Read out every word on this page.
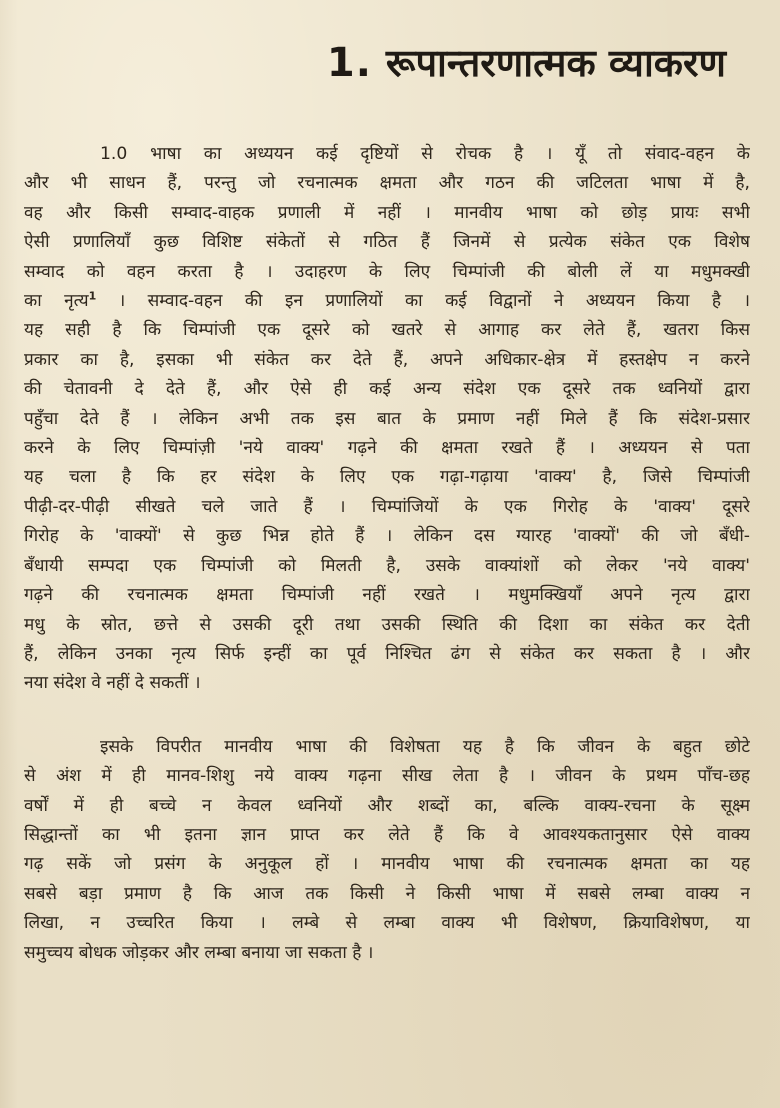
1. रूपान्तरणात्मक व्याकरण

1.0 भाषा का अध्ययन कई दृष्टियों से रोचक है । यूँ तो संवाद-वहन के
और भी साधन हैं, परन्तु जो रचनात्मक क्षमता और गठन की जटिलता भाषा में है,
वह और किसी सम्वाद-वाहक प्रणाली में नहीं । मानवीय भाषा को छोड़ प्रायः सभी
ऐसी प्रणालियाँ कुछ विशिष्ट संकेतों से गठित हैं जिनमें से प्रत्येक संकेत एक विशेष
सम्वाद को वहन करता है । उदाहरण के लिए चिम्पांजी की बोली लें या मधुमक्खी
का नृत्य$^1$ । सम्वाद-वहन की इन प्रणालियों का कई विद्वानों ने अध्ययन किया है ।
यह सही है कि चिम्पांजी एक दूसरे को खतरे से आगाह कर लेते हैं, खतरा किस
प्रकार का है, इसका भी संकेत कर देते हैं, अपने अधिकार-क्षेत्र में हस्तक्षेप न करने
की चेतावनी दे देते हैं, और ऐसे ही कई अन्य संदेश एक दूसरे तक ध्वनियों द्वारा
पहुँचा देते हैं । लेकिन अभी तक इस बात के प्रमाण नहीं मिले हैं कि संदेश-प्रसार
करने के लिए चिम्पांज़ी 'नये वाक्य' गढ़ने की क्षमता रखते हैं । अध्ययन से पता
यह चला है कि हर संदेश के लिए एक गढ़ा-गढ़ाया 'वाक्य' है, जिसे चिम्पांजी
पीढ़ी-दर-पीढ़ी सीखते चले जाते हैं । चिम्पांजियों के एक गिरोह के 'वाक्य' दूसरे
गिरोह के 'वाक्यों' से कुछ भिन्न होते हैं । लेकिन दस ग्यारह 'वाक्यों' की जो बँधी-
बँधायी सम्पदा एक चिम्पांजी को मिलती है, उसके वाक्यांशों को लेकर 'नये वाक्य'
गढ़ने की रचनात्मक क्षमता चिम्पांजी नहीं रखते । मधुमक्खियाँ अपने नृत्य द्वारा
मधु के स्रोत, छत्ते से उसकी दूरी तथा उसकी स्थिति की दिशा का संकेत कर देती
हैं, लेकिन उनका नृत्य सिर्फ इन्हीं का पूर्व निश्चित ढंग से संकेत कर सकता है । और
नया संदेश वे नहीं दे सकतीं ।

इसके विपरीत मानवीय भाषा की विशेषता यह है कि जीवन के बहुत छोटे
से अंश में ही मानव-शिशु नये वाक्य गढ़ना सीख लेता है । जीवन के प्रथम पाँच-छह
वर्षों में ही बच्चे न केवल ध्वनियों और शब्दों का, बल्कि वाक्य-रचना के सूक्ष्म
सिद्धान्तों का भी इतना ज्ञान प्राप्त कर लेते हैं कि वे आवश्यकतानुसार ऐसे वाक्य
गढ़ सकें जो प्रसंग के अनुकूल हों । मानवीय भाषा की रचनात्मक क्षमता का यह
सबसे बड़ा प्रमाण है कि आज तक किसी ने किसी भाषा में सबसे लम्बा वाक्य न
लिखा, न उच्चरित किया । लम्बे से लम्बा वाक्य भी विशेषण, क्रियाविशेषण, या
समुच्चय बोधक जोड़कर और लम्बा बनाया जा सकता है ।
